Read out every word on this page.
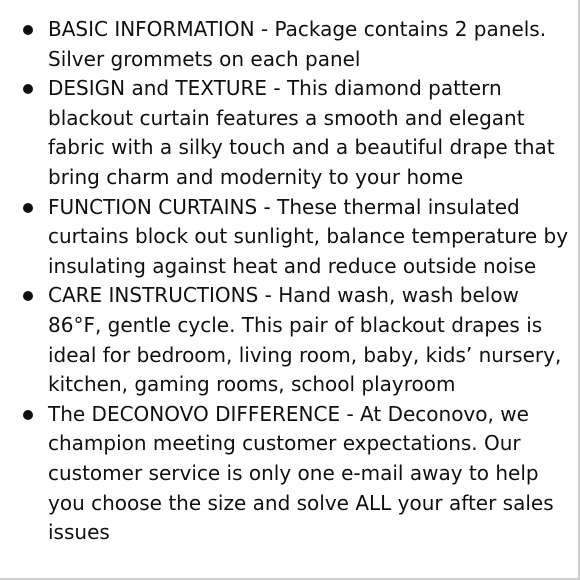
BASIC INFORMATION - Package contains 2 panels. Silver grommets on each panel
DESIGN and TEXTURE - This diamond pattern blackout curtain features a smooth and elegant fabric with a silky touch and a beautiful drape that bring charm and modernity to your home
FUNCTION CURTAINS - These thermal insulated curtains block out sunlight, balance temperature by insulating against heat and reduce outside noise
CARE INSTRUCTIONS - Hand wash, wash below 86°F, gentle cycle. This pair of blackout drapes is ideal for bedroom, living room, baby, kids’ nursery, kitchen, gaming rooms, school playroom
The DECONOVO DIFFERENCE - At Deconovo, we champion meeting customer expectations. Our customer service is only one e-mail away to help you choose the size and solve ALL your after sales issues
